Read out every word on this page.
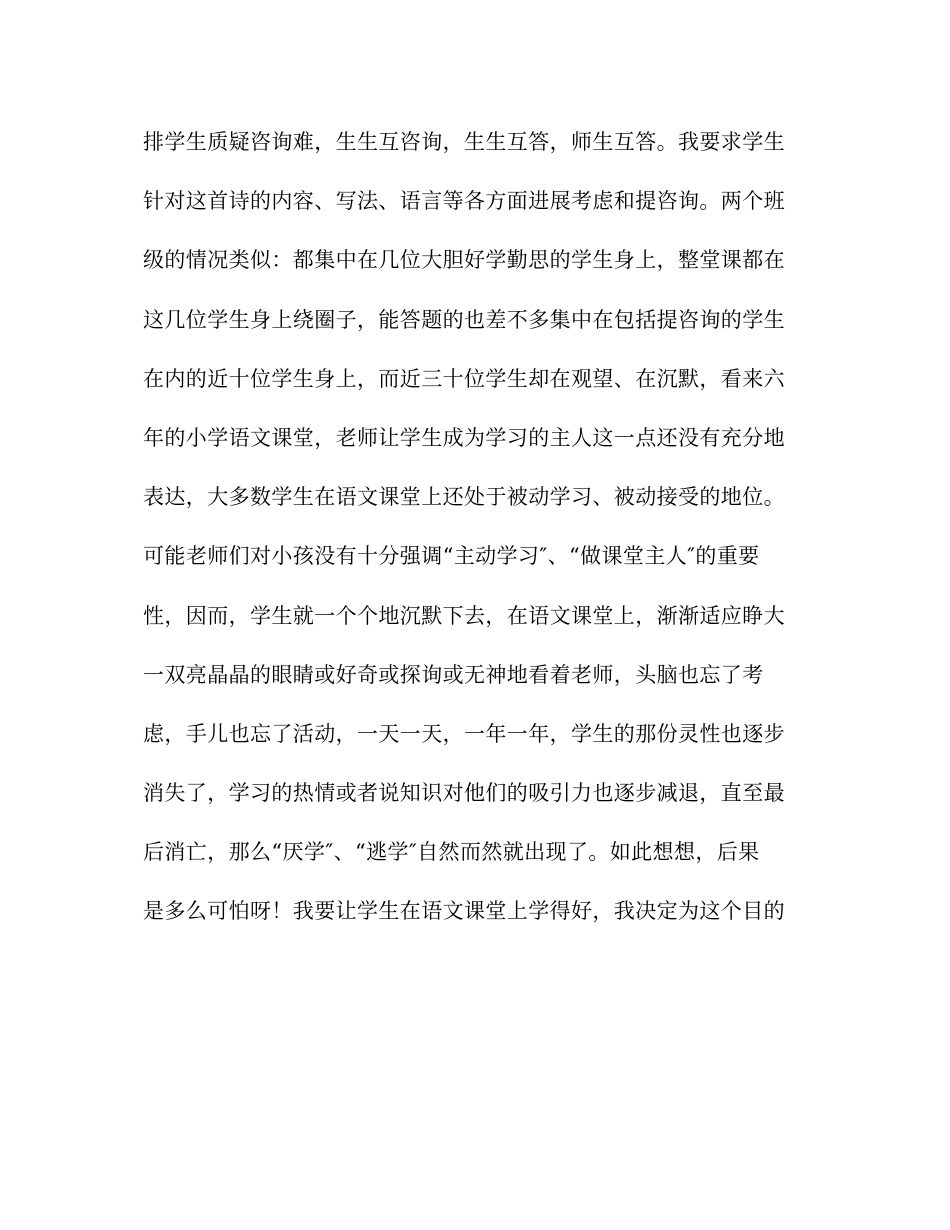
排学生质疑咨询难，生生互咨询，生生互答，师生互答。我要求学生
针对这首诗的内容、写法、语言等各方面进展考虑和提咨询。两个班
级的情况类似：都集中在几位大胆好学勤思的学生身上，整堂课都在
这几位学生身上绕圈子，能答题的也差不多集中在包括提咨询的学生
在内的近十位学生身上，而近三十位学生却在观望、在沉默，看来六
年的小学语文课堂，老师让学生成为学习的主人这一点还没有充分地
表达，大多数学生在语文课堂上还处于被动学习、被动接受的地位。
可能老师们对小孩没有十分强调“主动学习″、“做课堂主人″的重要
性，因而，学生就一个个地沉默下去，在语文课堂上，渐渐适应睁大
一双亮晶晶的眼睛或好奇或探询或无神地看着老师，头脑也忘了考
虑，手儿也忘了活动，一天一天，一年一年，学生的那份灵性也逐步
消失了，学习的热情或者说知识对他们的吸引力也逐步减退，直至最
后消亡，那么“厌学″、“逃学″自然而然就出现了。如此想想，后果
是多么可怕呀！我要让学生在语文课堂上学得好，我决定为这个目的
